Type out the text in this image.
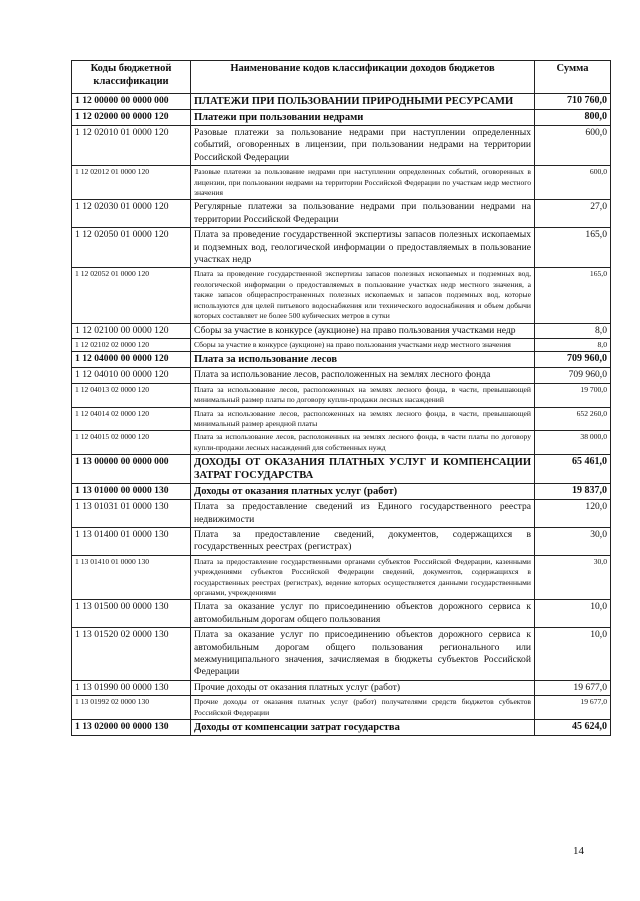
Коды бюджетной классификации	Наименование кодов классификации доходов бюджетов	Сумма
1 12 00000 00 0000 000	ПЛАТЕЖИ ПРИ ПОЛЬЗОВАНИИ ПРИРОДНЫМИ РЕСУРСАМИ	710 760,0
1 12 02000 00 0000 120	Платежи при пользовании недрами	800,0
1 12 02010 01 0000 120	Разовые платежи за пользование недрами при наступлении определенных событий, оговоренных в лицензии, при пользовании недрами на территории Российской Федерации	600,0
1 12 02012 01 0000 120	Разовые платежи за пользование недрами при наступлении определенных событий, оговоренных в лицензии, при пользовании недрами на территории Российской Федерации по участкам недр местного значения	600,0
1 12 02030 01 0000 120	Регулярные платежи за пользование недрами при пользовании недрами на территории Российской Федерации	27,0
1 12 02050 01 0000 120	Плата за проведение государственной экспертизы запасов полезных ископаемых и подземных вод, геологической информации о предоставляемых в пользование участках недр	165,0
1 12 02052 01 0000 120	Плата за проведение государственной экспертизы запасов полезных ископаемых и подземных вод, геологической информации о предоставляемых в пользование участках недр местного значения, а также запасов общераспространенных полезных ископаемых и запасов подземных вод, которые используются для целей питьевого водоснабжения или технического водоснабжения и объем добычи которых составляет не более 500 кубических метров в сутки	165,0
1 12 02100 00 0000 120	Сборы за участие в конкурсе (аукционе) на право пользования участками недр	8,0
1 12 02102 02 0000 120	Сборы за участие в конкурсе (аукционе) на право пользования участками недр местного значения	8,0
1 12 04000 00 0000 120	Плата за использование лесов	709 960,0
1 12 04010 00 0000 120	Плата за использование лесов, расположенных на землях лесного фонда	709 960,0
1 12 04013 02 0000 120	Плата за использование лесов, расположенных на землях лесного фонда, в части, превышающей минимальный размер платы по договору купли-продажи лесных насаждений	19 700,0
1 12 04014 02 0000 120	Плата за использование лесов, расположенных на землях лесного фонда, в части, превышающей минимальный размер арендной платы	652 260,0
1 12 04015 02 0000 120	Плата за использование лесов, расположенных на землях лесного фонда, в части платы по договору купли-продажи лесных насаждений для собственных нужд	38 000,0
1 13 00000 00 0000 000	ДОХОДЫ ОТ ОКАЗАНИЯ ПЛАТНЫХ УСЛУГ И КОМПЕНСАЦИИ ЗАТРАТ ГОСУДАРСТВА	65 461,0
1 13 01000 00 0000 130	Доходы от оказания платных услуг (работ)	19 837,0
1 13 01031 01 0000 130	Плата за предоставление сведений из Единого государственного реестра недвижимости	120,0
1 13 01400 01 0000 130	Плата за предоставление сведений, документов, содержащихся в государственных реестрах (регистрах)	30,0
1 13 01410 01 0000 130	Плата за предоставление государственными органами субъектов Российской Федерации, казенными учреждениями субъектов Российской Федерации сведений, документов, содержащихся в государственных реестрах (регистрах), ведение которых осуществляется данными государственными органами, учреждениями	30,0
1 13 01500 00 0000 130	Плата за оказание услуг по присоединению объектов дорожного сервиса к автомобильным дорогам общего пользования	10,0
1 13 01520 02 0000 130	Плата за оказание услуг по присоединению объектов дорожного сервиса к автомобильным дорогам общего пользования регионального или межмуниципального значения, зачисляемая в бюджеты субъектов Российской Федерации	10,0
1 13 01990 00 0000 130	Прочие доходы от оказания платных услуг (работ)	19 677,0
1 13 01992 02 0000 130	Прочие доходы от оказания платных услуг (работ) получателями средств бюджетов субъектов Российской Федерации	19 677,0
1 13 02000 00 0000 130	Доходы от компенсации затрат государства	45 624,0
14
